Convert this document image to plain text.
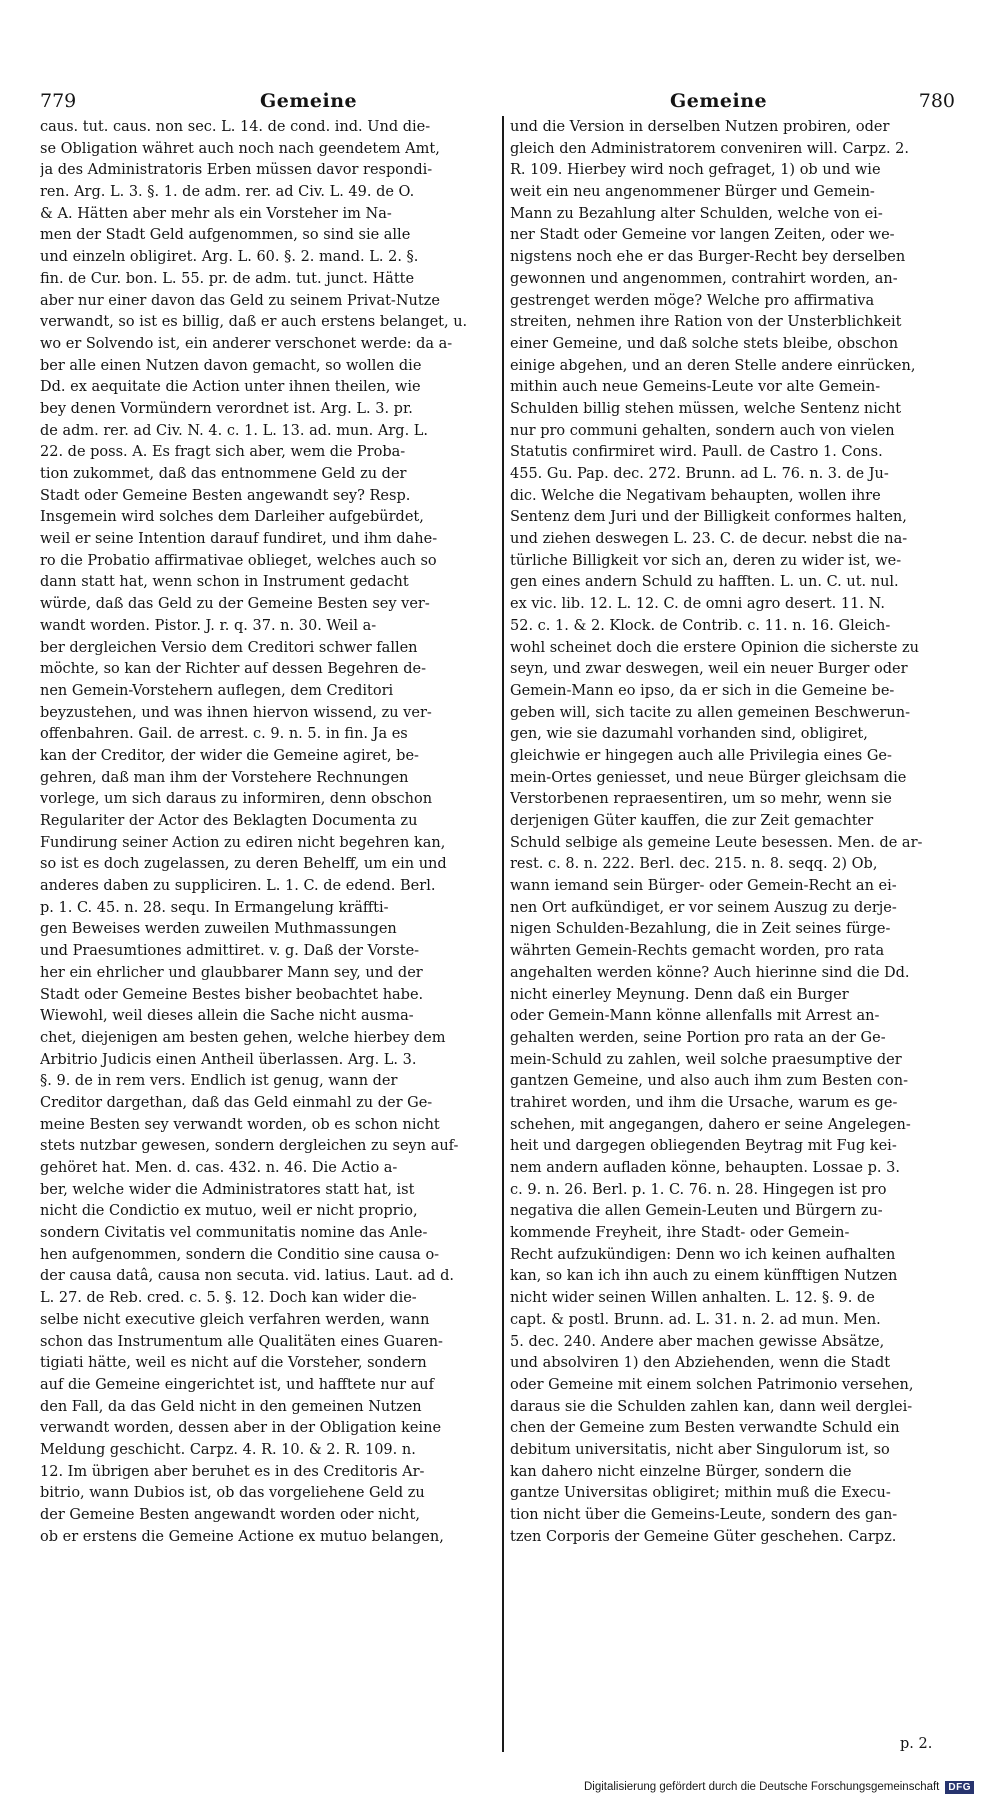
779	Gemeine	Gemeine	780
caus. tut. caus. non sec. L. 14. de cond. ind. Und die-
se Obligation währet auch noch nach geendetem Amt,
ja des Administratoris Erben müssen davor respondi-
ren. Arg. L. 3. §. 1. de adm. rer. ad Civ. L. 49. de O.
& A. Hätten aber mehr als ein Vorsteher im Na-
men der Stadt Geld aufgenommen, so sind sie alle
und einzeln obligiret. Arg. L. 60. §. 2. mand. L. 2. §.
fin. de Cur. bon. L. 55. pr. de adm. tut. junct. Hätte
aber nur einer davon das Geld zu seinem Privat-Nutze
verwandt, so ist es billig, daß er auch erstens belanget, u.
wo er Solvendo ist, ein anderer verschonet werde: da a-
ber alle einen Nutzen davon gemacht, so wollen die
Dd. ex aequitate die Action unter ihnen theilen, wie
bey denen Vormündern verordnet ist. Arg. L. 3. pr.
de adm. rer. ad Civ. N. 4. c. 1. L. 13. ad. mun. Arg. L.
22. de poss. A. Es fragt sich aber, wem die Proba-
tion zukommet, daß das entnommene Geld zu der
Stadt oder Gemeine Besten angewandt sey? Resp.
Insgemein wird solches dem Darleiher aufgebürdet,
weil er seine Intention darauf fundiret, und ihm dahe-
ro die Probatio affirmativae oblieget, welches auch so
dann statt hat, wenn schon in Instrument gedacht
würde, daß das Geld zu der Gemeine Besten sey ver-
wandt worden. Pistor. J. r. q. 37. n. 30. Weil a-
ber dergleichen Versio dem Creditori schwer fallen
möchte, so kan der Richter auf dessen Begehren de-
nen Gemein-Vorstehern auflegen, dem Creditori
beyzustehen, und was ihnen hiervon wissend, zu ver-
offenbahren. Gail. de arrest. c. 9. n. 5. in fin. Ja es
kan der Creditor, der wider die Gemeine agiret, be-
gehren, daß man ihm der Vorstehere Rechnungen
vorlege, um sich daraus zu informiren, denn obschon
Regulariter der Actor des Beklagten Documenta zu
Fundirung seiner Action zu ediren nicht begehren kan,
so ist es doch zugelassen, zu deren Behelff, um ein und
anderes daben zu suppliciren. L. 1. C. de edend. Berl.
p. 1. C. 45. n. 28. sequ. In Ermangelung kräffti-
gen Beweises werden zuweilen Muthmassungen
und Praesumtiones admittiret. v. g. Daß der Vorste-
her ein ehrlicher und glaubbarer Mann sey, und der
Stadt oder Gemeine Bestes bisher beobachtet habe.
Wiewohl, weil dieses allein die Sache nicht ausma-
chet, diejenigen am besten gehen, welche hierbey dem
Arbitrio Judicis einen Antheil überlassen. Arg. L. 3.
§. 9. de in rem vers. Endlich ist genug, wann der
Creditor dargethan, daß das Geld einmahl zu der Ge-
meine Besten sey verwandt worden, ob es schon nicht
stets nutzbar gewesen, sondern dergleichen zu seyn auf-
gehöret hat. Men. d. cas. 432. n. 46. Die Actio a-
ber, welche wider die Administratores statt hat, ist
nicht die Condictio ex mutuo, weil er nicht proprio,
sondern Civitatis vel communitatis nomine das Anle-
hen aufgenommen, sondern die Conditio sine causa o-
der causa datâ, causa non secuta. vid. latius. Laut. ad d.
L. 27. de Reb. cred. c. 5. §. 12. Doch kan wider die-
selbe nicht executive gleich verfahren werden, wann
schon das Instrumentum alle Qualitäten eines Guaren-
tigiati hätte, weil es nicht auf die Vorsteher, sondern
auf die Gemeine eingerichtet ist, und hafftete nur auf
den Fall, da das Geld nicht in den gemeinen Nutzen
verwandt worden, dessen aber in der Obligation keine
Meldung geschicht. Carpz. 4. R. 10. & 2. R. 109. n.
12. Im übrigen aber beruhet es in des Creditoris Ar-
bitrio, wann Dubios ist, ob das vorgeliehene Geld zu
der Gemeine Besten angewandt worden oder nicht,
ob er erstens die Gemeine Actione ex mutuo belangen,
und die Version in derselben Nutzen probiren, oder
gleich den Administratorem conveniren will. Carpz. 2.
R. 109. Hierbey wird noch gefraget, 1) ob und wie
weit ein neu angenommener Bürger und Gemein-
Mann zu Bezahlung alter Schulden, welche von ei-
ner Stadt oder Gemeine vor langen Zeiten, oder we-
nigstens noch ehe er das Burger-Recht bey derselben
gewonnen und angenommen, contrahirt worden, an-
gestrenget werden möge? Welche pro affirmativa
streiten, nehmen ihre Ration von der Unsterblichkeit
einer Gemeine, und daß solche stets bleibe, obschon
einige abgehen, und an deren Stelle andere einrücken,
mithin auch neue Gemeins-Leute vor alte Gemein-
Schulden billig stehen müssen, welche Sentenz nicht
nur pro communi gehalten, sondern auch von vielen
Statutis confirmiret wird. Paull. de Castro 1. Cons.
455. Gu. Pap. dec. 272. Brunn. ad L. 76. n. 3. de Ju-
dic. Welche die Negativam behaupten, wollen ihre
Sentenz dem Juri und der Billigkeit conformes halten,
und ziehen deswegen L. 23. C. de decur. nebst die na-
türliche Billigkeit vor sich an, deren zu wider ist, we-
gen eines andern Schuld zu hafften. L. un. C. ut. nul.
ex vic. lib. 12. L. 12. C. de omni agro desert. 11. N.
52. c. 1. & 2. Klock. de Contrib. c. 11. n. 16. Gleich-
wohl scheinet doch die erstere Opinion die sicherste zu
seyn, und zwar deswegen, weil ein neuer Burger oder
Gemein-Mann eo ipso, da er sich in die Gemeine be-
geben will, sich tacite zu allen gemeinen Beschwerun-
gen, wie sie dazumahl vorhanden sind, obligiret,
gleichwie er hingegen auch alle Privilegia eines Ge-
mein-Ortes geniesset, und neue Bürger gleichsam die
Verstorbenen repraesentiren, um so mehr, wenn sie
derjenigen Güter kauffen, die zur Zeit gemachter
Schuld selbige als gemeine Leute besessen. Men. de ar-
rest. c. 8. n. 222. Berl. dec. 215. n. 8. seqq. 2) Ob,
wann iemand sein Bürger- oder Gemein-Recht an ei-
nen Ort aufkündiget, er vor seinem Auszug zu derje-
nigen Schulden-Bezahlung, die in Zeit seines fürge-
währten Gemein-Rechts gemacht worden, pro rata
angehalten werden könne? Auch hierinne sind die Dd.
nicht einerley Meynung. Denn daß ein Burger
oder Gemein-Mann könne allenfalls mit Arrest an-
gehalten werden, seine Portion pro rata an der Ge-
mein-Schuld zu zahlen, weil solche praesumptive der
gantzen Gemeine, und also auch ihm zum Besten con-
trahiret worden, und ihm die Ursache, warum es ge-
schehen, mit angegangen, dahero er seine Angelegen-
heit und dargegen obliegenden Beytrag mit Fug kei-
nem andern aufladen könne, behaupten. Lossae p. 3.
c. 9. n. 26. Berl. p. 1. C. 76. n. 28. Hingegen ist pro
negativa die allen Gemein-Leuten und Bürgern zu-
kommende Freyheit, ihre Stadt- oder Gemein-
Recht aufzukündigen: Denn wo ich keinen aufhalten
kan, so kan ich ihn auch zu einem künfftigen Nutzen
nicht wider seinen Willen anhalten. L. 12. §. 9. de
capt. & postl. Brunn. ad. L. 31. n. 2. ad mun. Men.
5. dec. 240. Andere aber machen gewisse Absätze,
und absolviren 1) den Abziehenden, wenn die Stadt
oder Gemeine mit einem solchen Patrimonio versehen,
daraus sie die Schulden zahlen kan, dann weil derglei-
chen der Gemeine zum Besten verwandte Schuld ein
debitum universitatis, nicht aber Singulorum ist, so
kan dahero nicht einzelne Bürger, sondern die
gantze Universitas obligiret; mithin muß die Execu-
tion nicht über die Gemeins-Leute, sondern des gan-
tzen Corporis der Gemeine Güter geschehen. Carpz.
p. 2.
Digitalisierung gefördert durch die Deutsche Forschungsgemeinschaft DFG
